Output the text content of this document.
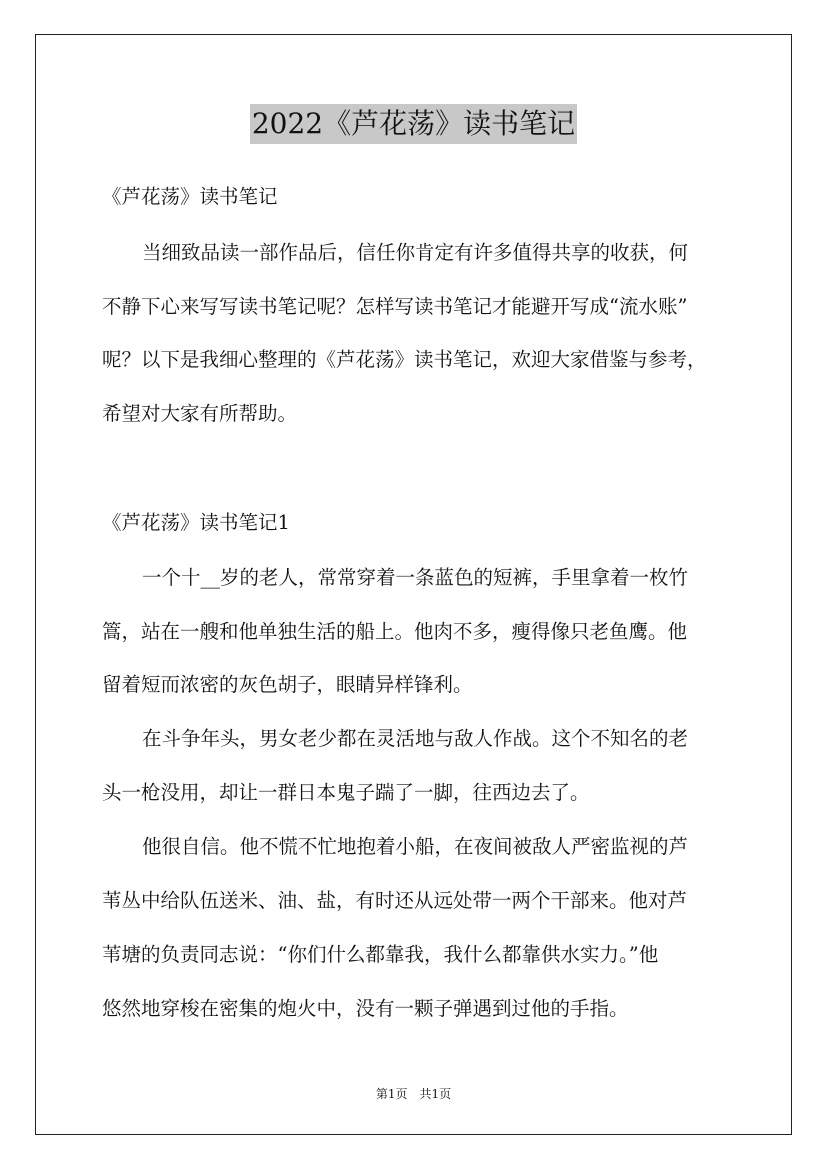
2022《芦花荡》读书笔记
《芦花荡》读书笔记
当细致品读一部作品后，信任你肯定有许多值得共享的收获，何
不静下心来写写读书笔记呢？怎样写读书笔记才能避开写成“流水账”
呢？以下是我细心整理的《芦花荡》读书笔记，欢迎大家借鉴与参考，
希望对大家有所帮助。
《芦花荡》读书笔记1
一个十__岁的老人，常常穿着一条蓝色的短裤，手里拿着一枚竹
篙，站在一艘和他单独生活的船上。他肉不多，瘦得像只老鱼鹰。他
留着短而浓密的灰色胡子，眼睛异样锋利。
在斗争年头，男女老少都在灵活地与敌人作战。这个不知名的老
头一枪没用，却让一群日本鬼子踹了一脚，往西边去了。
他很自信。他不慌不忙地抱着小船，在夜间被敌人严密监视的芦
苇丛中给队伍送米、油、盐，有时还从远处带一两个干部来。他对芦
苇塘的负责同志说：“你们什么都靠我，我什么都靠供水实力。”他
悠然地穿梭在密集的炮火中，没有一颗子弹遇到过他的手指。
第1页　共1页
